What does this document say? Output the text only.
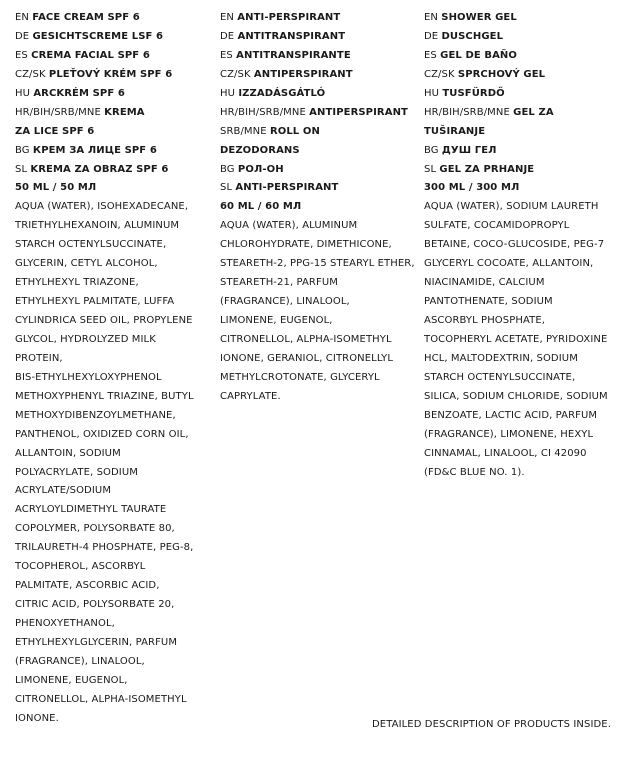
EN FACE CREAM SPF 6
DE GESICHTSCREME LSF 6
ES CREMA FACIAL SPF 6
CZ/SK PLEŤOVÝ KRÉM SPF 6
HU ARCKRÉM SPF 6
HR/BIH/SRB/MNE KREMA
ZA LICE SPF 6
BG КРЕМ ЗА ЛИЦЕ SPF 6
SL KREMA ZA OBRAZ SPF 6
50 ML / 50 МЛ
AQUA (WATER), ISOHEXADECANE,
TRIETHYLHEXANOIN, ALUMINUM
STARCH OCTENYLSUCCINATE,
GLYCERIN, CETYL ALCOHOL,
ETHYLHEXYL TRIAZONE,
ETHYLHEXYL PALMITATE, LUFFA
CYLINDRICA SEED OIL, PROPYLENE
GLYCOL, HYDROLYZED MILK
PROTEIN,
BIS-ETHYLHEXYLOXYPHENOL
METHOXYPHENYL TRIAZINE, BUTYL
METHOXYDIBENZOYLMETHANE,
PANTHENOL, OXIDIZED CORN OIL,
ALLANTOIN, SODIUM
POLYACRYLATE, SODIUM
ACRYLATE/SODIUM
ACRYLOYLDIMETHYL TAURATE
COPOLYMER, POLYSORBATE 80,
TRILAURETH-4 PHOSPHATE, PEG-8,
TOCOPHEROL, ASCORBYL
PALMITATE, ASCORBIC ACID,
CITRIC ACID, POLYSORBATE 20,
PHENOXYETHANOL,
ETHYLHEXYLGLYCERIN, PARFUM
(FRAGRANCE), LINALOOL,
LIMONENE, EUGENOL,
CITRONELLOL, ALPHA-ISOMETHYL
IONONE.
EN ANTI-PERSPIRANT
DE ANTITRANSPIRANT
ES ANTITRANSPIRANTE
CZ/SK ANTIPERSPIRANT
HU IZZADÁSGÁTLÓ
HR/BIH/SRB/MNE ANTIPERSPIRANT
SRB/MNE ROLL ON
DEZODORANS
BG РОЛ-ОН
SL ANTI-PERSPIRANT
60 ML / 60 МЛ
AQUA (WATER), ALUMINUM
CHLOROHYDRATE, DIMETHICONE,
STEARETH-2, PPG-15 STEARYL ETHER,
STEARETH-21, PARFUM
(FRAGRANCE), LINALOOL,
LIMONENE, EUGENOL,
CITRONELLOL, ALPHA-ISOMETHYL
IONONE, GERANIOL, CITRONELLYL
METHYLCROTONATE, GLYCERYL
CAPRYLATE.
EN SHOWER GEL
DE DUSCHGEL
ES GEL DE BAÑO
CZ/SK SPRCHOVÝ GEL
HU TUSFÜRDŐ
HR/BIH/SRB/MNE GEL ZA
TUŠIRANJE
BG ДУШ ГЕЛ
SL GEL ZA PRHANJE
300 ML / 300 МЛ
AQUA (WATER), SODIUM LAURETH
SULFATE, COCAMIDOPROPYL
BETAINE, COCO-GLUCOSIDE, PEG-7
GLYCERYL COCOATE, ALLANTOIN,
NIACINAMIDE, CALCIUM
PANTOTHENATE, SODIUM
ASCORBYL PHOSPHATE,
TOCOPHERYL ACETATE, PYRIDOXINE
HCL, MALTODEXTRIN, SODIUM
STARCH OCTENYLSUCCINATE,
SILICA, SODIUM CHLORIDE, SODIUM
BENZOATE, LACTIC ACID, PARFUM
(FRAGRANCE), LIMONENE, HEXYL
CINNAMAL, LINALOOL, CI 42090
(FD&C BLUE NO. 1).
DETAILED DESCRIPTION OF PRODUCTS INSIDE.
